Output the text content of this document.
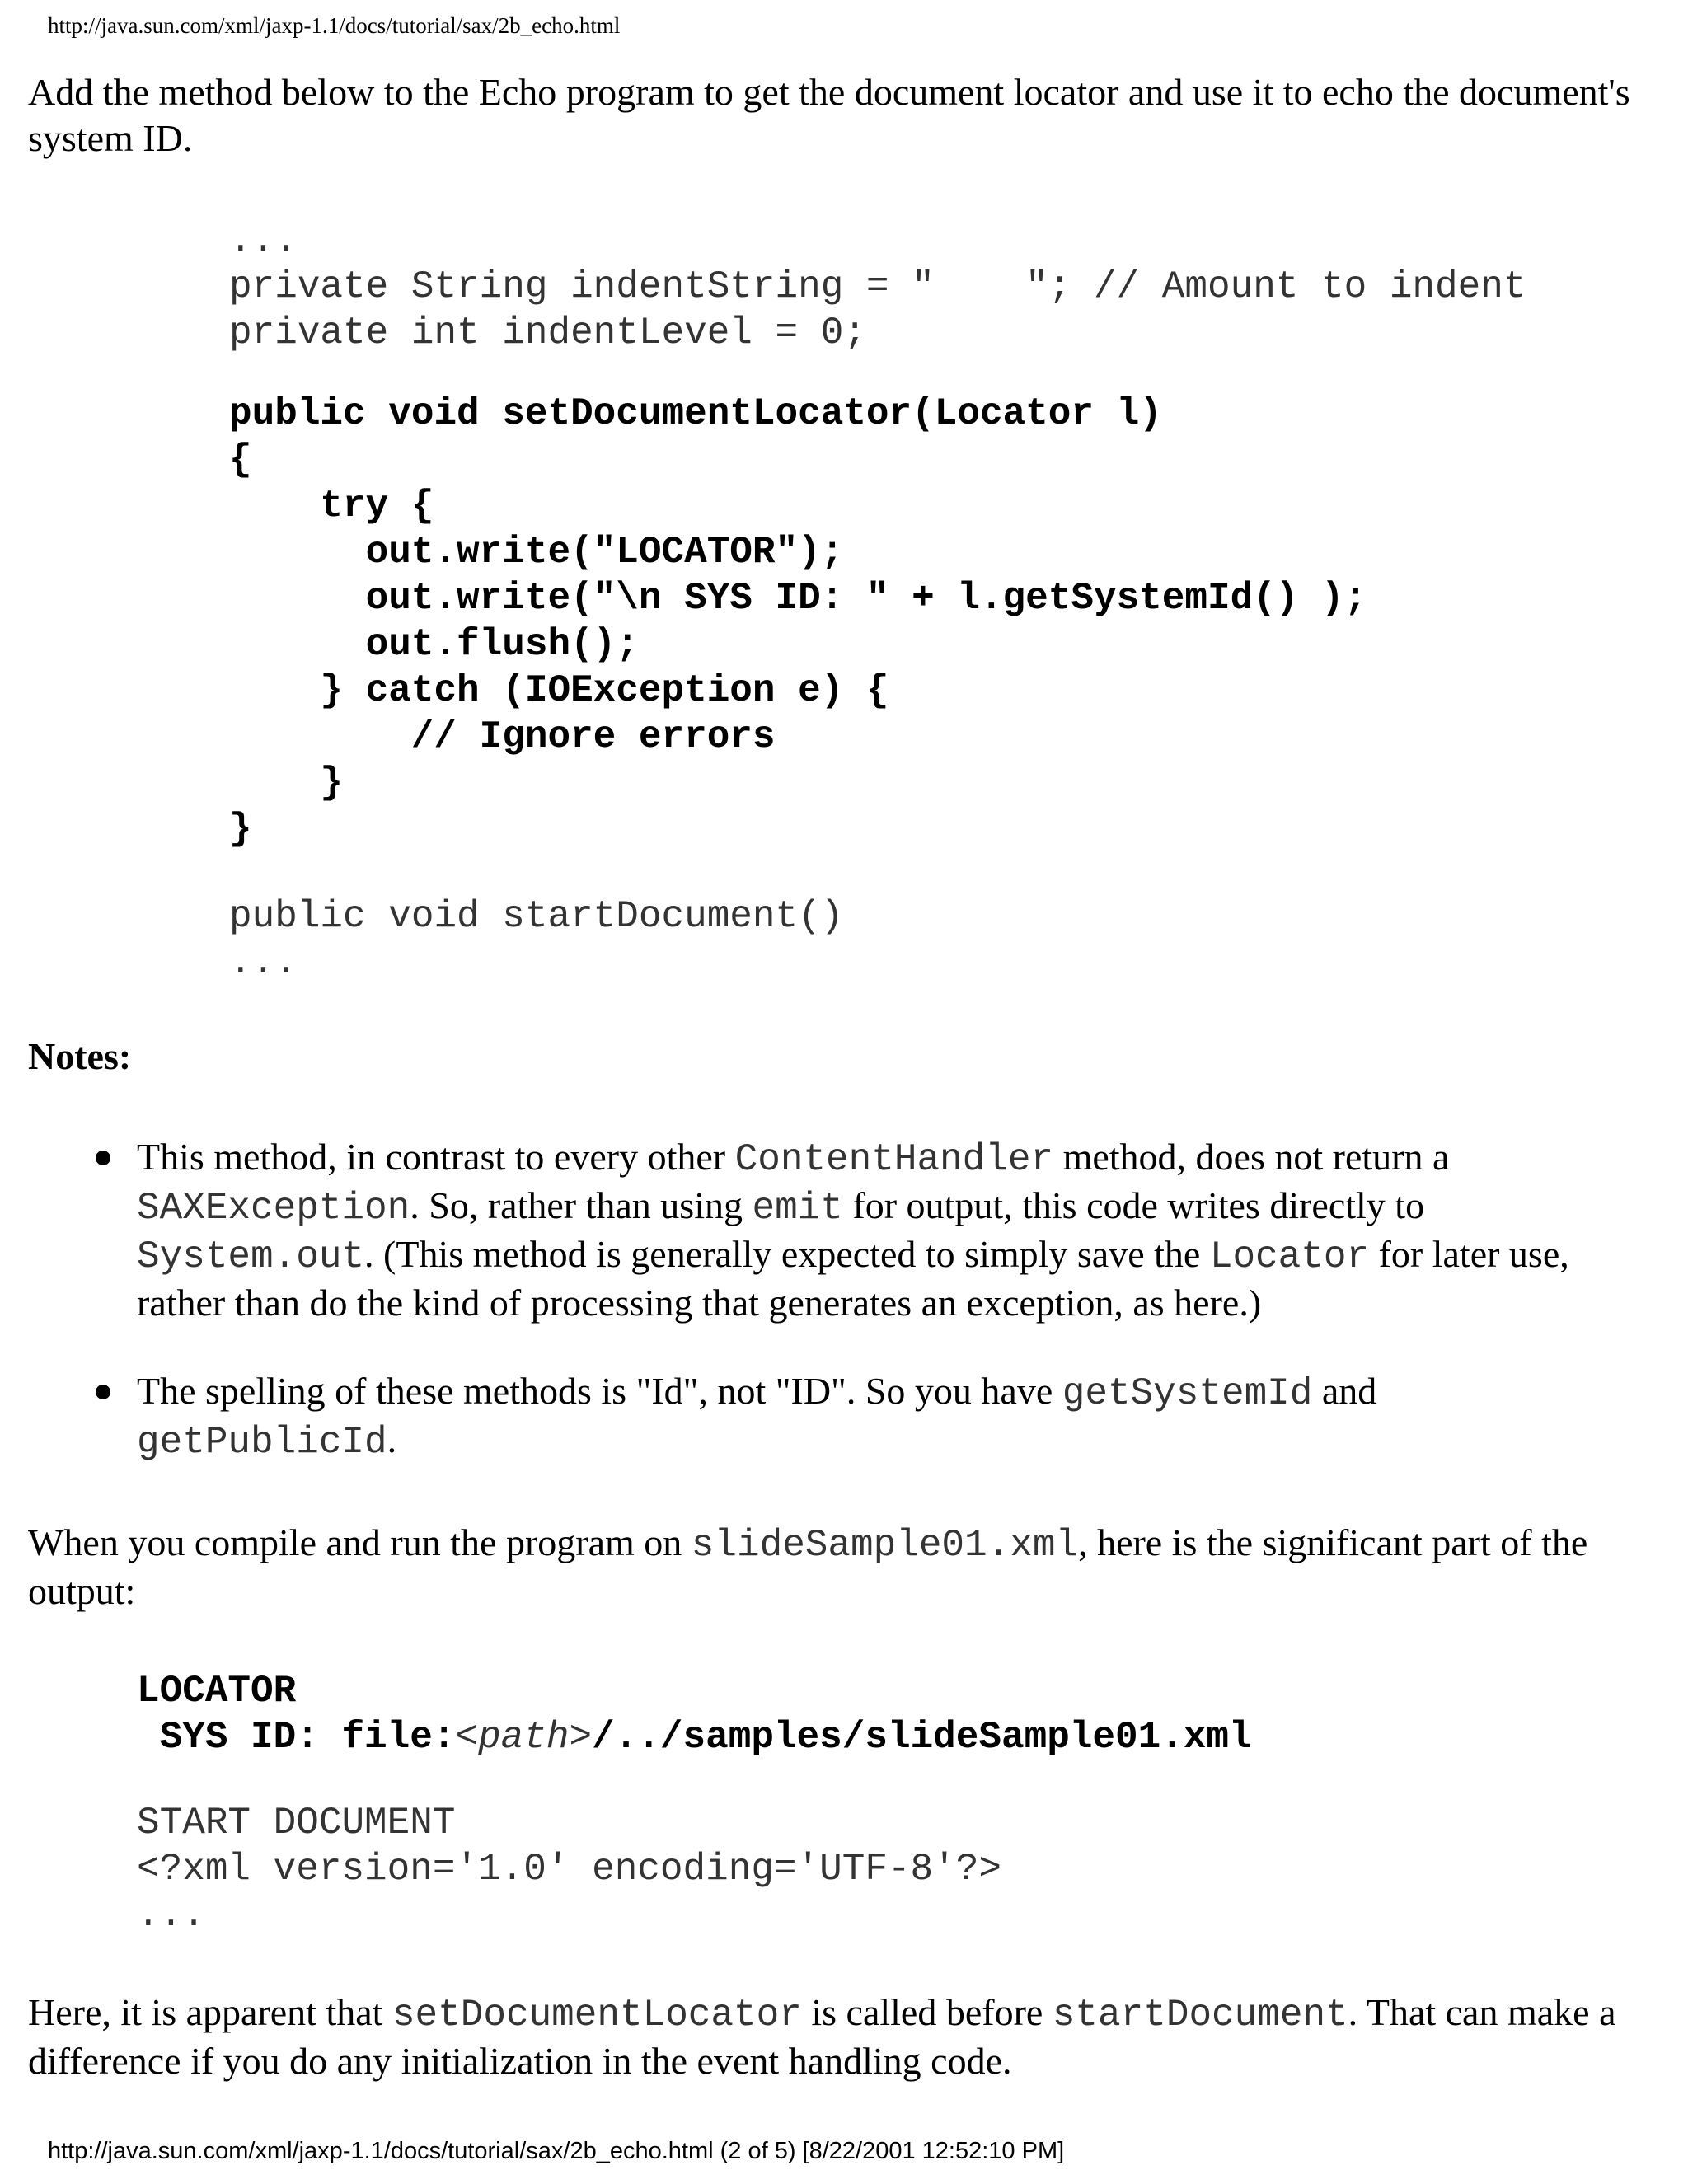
http://java.sun.com/xml/jaxp-1.1/docs/tutorial/sax/2b_echo.html

Add the method below to the Echo program to get the document locator and use it to echo the document's system ID.

...
private String indentString = "    "; // Amount to indent
private int indentLevel = 0;
public void setDocumentLocator(Locator l)
{
try {
out.write("LOCATOR");
out.write("\n SYS ID: " + l.getSystemId() );
out.flush();
} catch (IOException e) {
// Ignore errors
}
}
public void startDocument()
...
Notes:
This method, in contrast to every other ContentHandler method, does not return a SAXException. So, rather than using emit for output, this code writes directly to System.out. (This method is generally expected to simply save the Locator for later use, rather than do the kind of processing that generates an exception, as here.)
The spelling of these methods is "Id", not "ID". So you have getSystemId and getPublicId.

When you compile and run the program on slideSample01.xml, here is the significant part of the output:

LOCATOR
SYS ID: file:<path>/../samples/slideSample01.xml
START DOCUMENT
<?xml version='1.0' encoding='UTF-8'?>
...

Here, it is apparent that setDocumentLocator is called before startDocument. That can make a difference if you do any initialization in the event handling code.

http://java.sun.com/xml/jaxp-1.1/docs/tutorial/sax/2b_echo.html (2 of 5) [8/22/2001 12:52:10 PM]
